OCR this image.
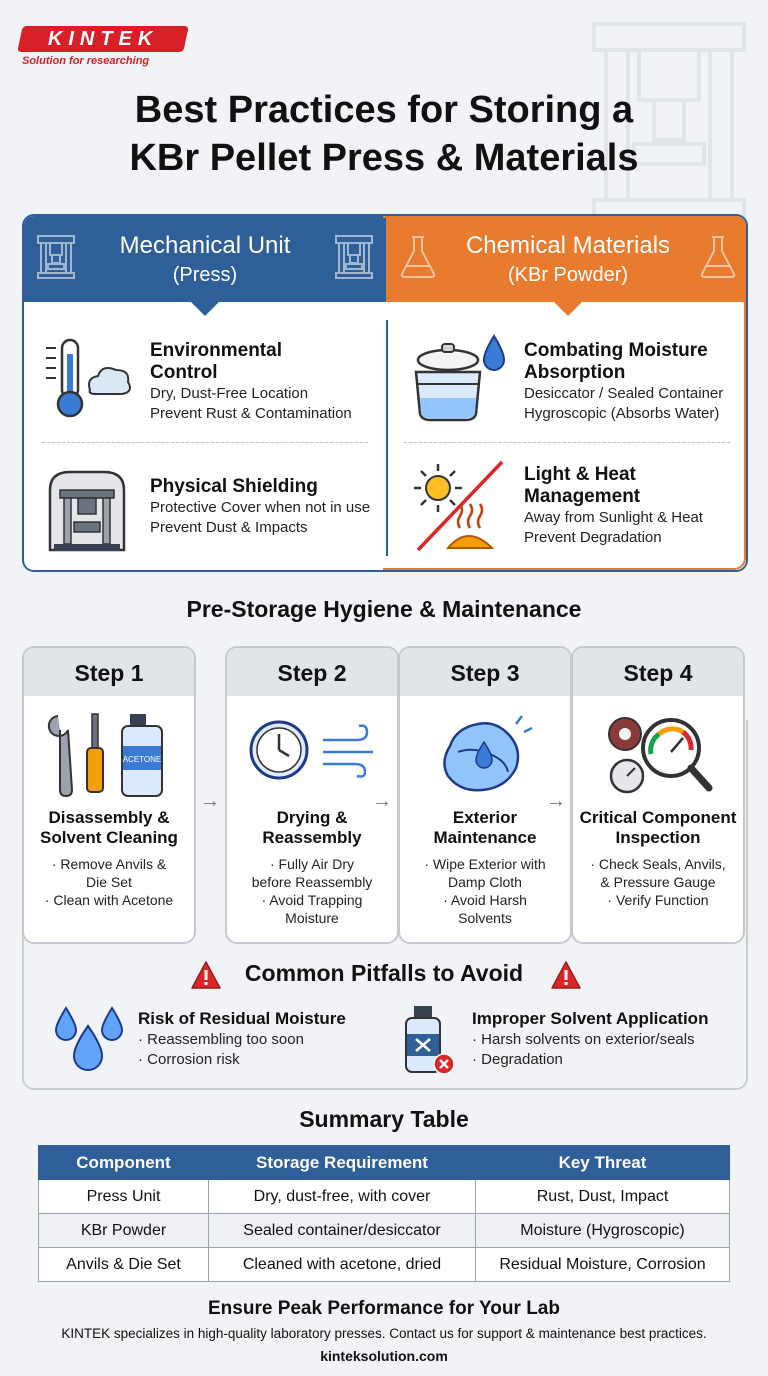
KINTEK
Solution for researching
Best Practices for Storing a
KBr Pellet Press & Materials
Mechanical Unit
(Press)
Chemical Materials
(KBr Powder)
Environmental
Control
Dry, Dust-Free Location
Prevent Rust & Contamination
Physical Shielding
Protective Cover when not in use
Prevent Dust & Impacts
Combating Moisture
Absorption
Desiccator / Sealed Container
Hygroscopic (Absorbs Water)
Light & Heat
Management
Away from Sunlight & Heat
Prevent Degradation
Pre-Storage Hygiene & Maintenance
Step 1
ACETONE
Disassembly &
Solvent Cleaning
· Remove Anvils &
Die Set
· Clean with Acetone
Step 2
Drying &
Reassembly
· Fully Air Dry
before Reassembly
· Avoid Trapping
Moisture
Step 3
Exterior
Maintenance
· Wipe Exterior with
Damp Cloth
· Avoid Harsh
Solvents
Step 4
Critical Component
Inspection
· Check Seals, Anvils,
& Pressure Gauge
· Verify Function
→	→	→
Common Pitfalls to Avoid
Risk of Residual Moisture
· Reassembling too soon
· Corrosion risk
Improper Solvent Application
· Harsh solvents on exterior/seals
· Degradation
Summary Table
Component	Storage Requirement	Key Threat
Press Unit	Dry, dust-free, with cover	Rust, Dust, Impact
KBr Powder	Sealed container/desiccator	Moisture (Hygroscopic)
Anvils & Die Set	Cleaned with acetone, dried	Residual Moisture, Corrosion
Ensure Peak Performance for Your Lab
KINTEK specializes in high-quality laboratory presses. Contact us for support & maintenance best practices.
kinteksolution.com
